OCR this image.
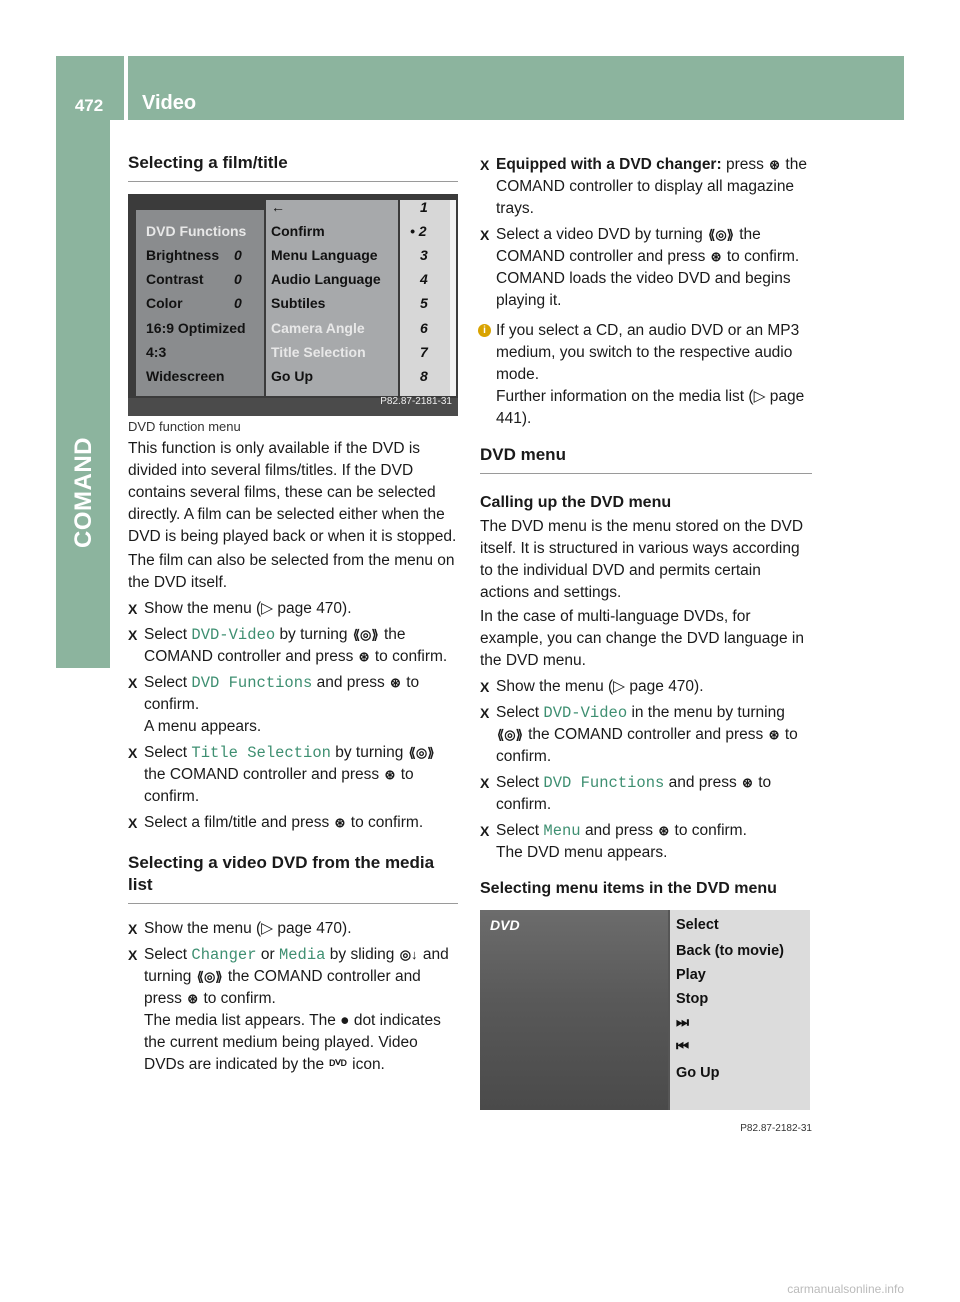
472	Video
COMAND
Selecting a film/title
DVD Functions
Brightness 0
Contrast 0
Color	0
16:9 Optimized
4:3
Widescreen
←
Confirm
Menu Language
Audio Language
Subtiles
Camera Angle
Title Selection
Go Up
1
• 2
3
4
5
6
7
8
P82.87-2181-31

DVD function menu

This function is only available if the DVD is divided into several films/titles. If the DVD contains several films, these can be selected directly. A film can be selected either when the DVD is being played back or when it is stopped.

The film can also be selected from the menu on the DVD itself.

X Show the menu (▷ page 470).

X Select DVD-Video by turning ⟪◎⟫ the COMAND controller and press ⊛ to confirm.

X Select DVD Functions and press ⊛ to confirm.
A menu appears.

X Select Title Selection by turning ⟪◎⟫ the COMAND controller and press ⊛ to confirm.

X Select a film/title and press ⊛ to confirm.

Selecting a video DVD from the media list

X Show the menu (▷ page 470).

X Select Changer or Media by sliding ◎↓ and turning ⟪◎⟫ the COMAND controller and press ⊛ to confirm.
The media list appears. The ● dot indicates the current medium being played. Video DVDs are indicated by the ᴰⱽᴰ icon.

X Equipped with a DVD changer: press ⊛ the COMAND controller to display all magazine trays.

X Select a video DVD by turning ⟪◎⟫ the COMAND controller and press ⊛ to confirm.
COMAND loads the video DVD and begins playing it.

i If you select a CD, an audio DVD or an MP3 medium, you switch to the respective audio mode.
Further information on the media list (▷ page 441).

DVD menu
Calling up the DVD menu

The DVD menu is the menu stored on the DVD itself. It is structured in various ways according to the individual DVD and permits certain actions and settings.

In the case of multi-language DVDs, for example, you can change the DVD language in the DVD menu.

X Show the menu (▷ page 470).

X Select DVD-Video in the menu by turning ⟪◎⟫ the COMAND controller and press ⊛ to confirm.

X Select DVD Functions and press ⊛ to confirm.

X Select Menu and press ⊛ to confirm.
The DVD menu appears.

Selecting menu items in the DVD menu
DVD	Select
Back (to movie)
Play
Stop
⏭
⏮
Go Up
P82.87-2182-31
carmanualsonline.info
